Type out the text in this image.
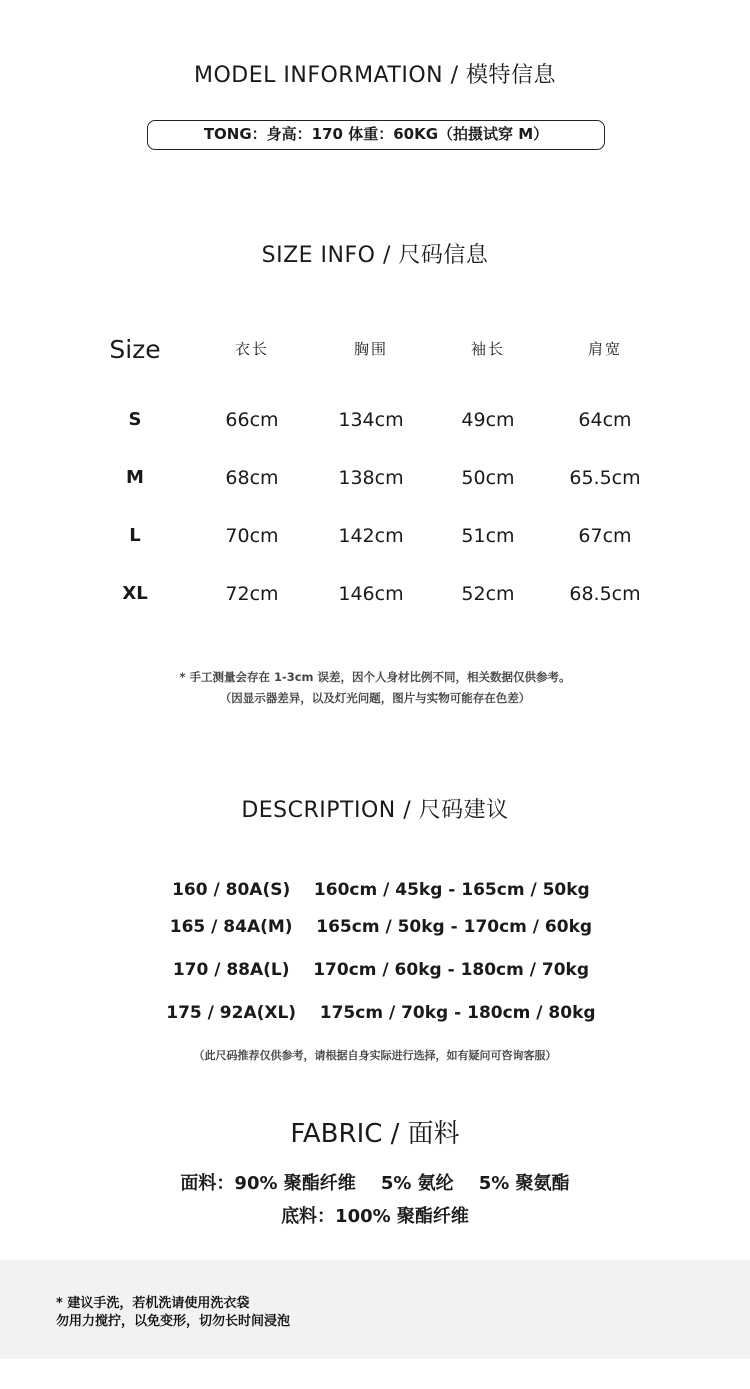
MODEL INFORMATION / 模特信息
TONG：身高：170 体重：60KG（拍摄试穿 M）
SIZE INFO / 尺码信息
Size	衣长	胸围	袖长	肩宽
S	66cm	134cm	49cm	64cm
M	68cm	138cm	50cm	65.5cm
L	70cm	142cm	51cm	67cm
XL	72cm	146cm	52cm	68.5cm
* 手工测量会存在 1-3cm 误差，因个人身材比例不同，相关数据仅供参考。
（因显示器差异，以及灯光问题，图片与实物可能存在色差）
DESCRIPTION / 尺码建议

160 / 80A(S) 160cm / 45kg - 165cm / 50kg

165 / 84A(M) 165cm / 50kg - 170cm / 60kg

170 / 88A(L) 170cm / 60kg - 180cm / 70kg

175 / 92A(XL) 175cm / 70kg - 180cm / 80kg

（此尺码推荐仅供参考，请根据自身实际进行选择，如有疑问可咨询客服）
FABRIC / 面料
面料：90% 聚酯纤维    5% 氨纶    5% 聚氨酯
底料：100% 聚酯纤维
* 建议手洗，若机洗请使用洗衣袋
勿用力搅拧，以免变形，切勿长时间浸泡
